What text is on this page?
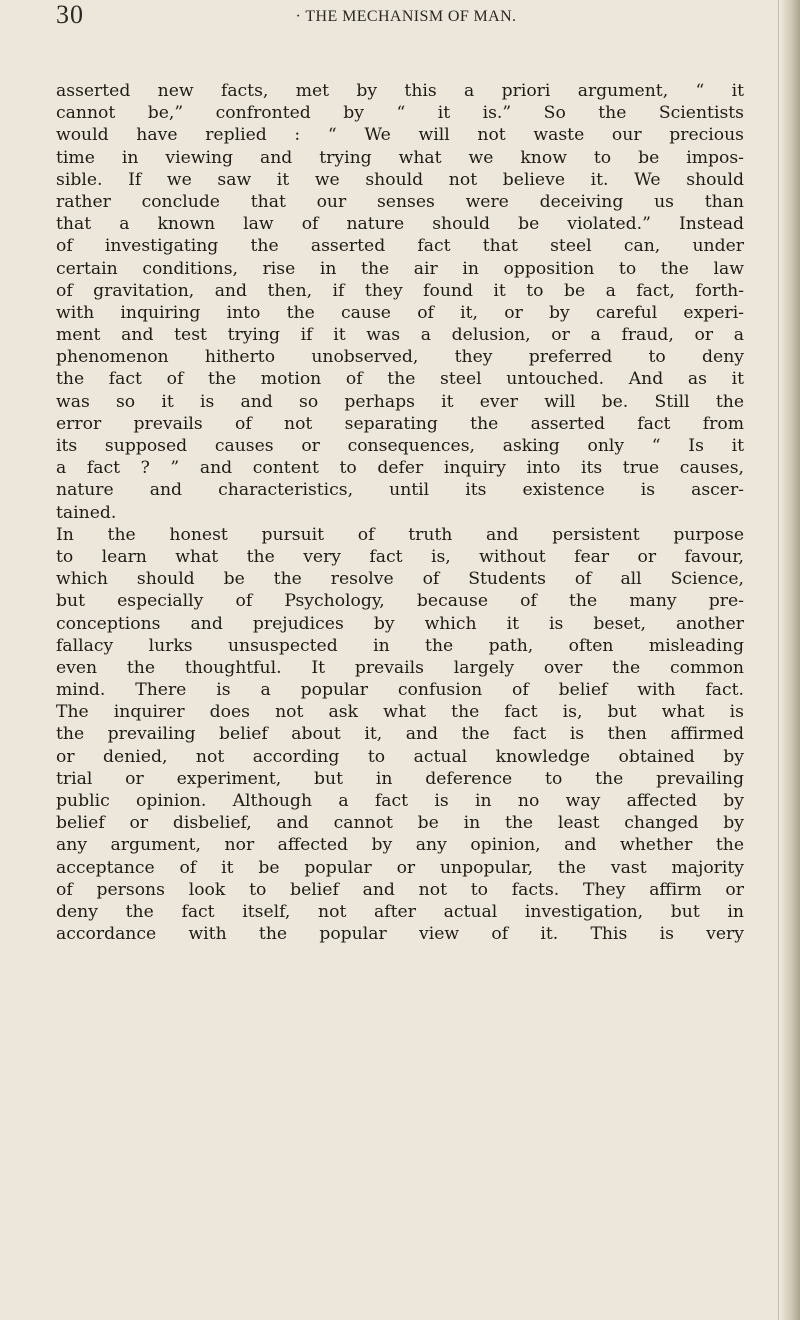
30	· THE MECHANISM OF MAN.
asserted new facts, met by this a priori argument, “ it
cannot be,” confronted by “ it is.” So the Scientists
would have replied : “ We will not waste our precious
time in viewing and trying what we know to be impos-
sible. If we saw it we should not believe it. We should
rather conclude that our senses were deceiving us than
that a known law of nature should be violated.” Instead
of investigating the asserted fact that steel can, under
certain conditions, rise in the air in opposition to the law
of gravitation, and then, if they found it to be a fact, forth-
with inquiring into the cause of it, or by careful experi-
ment and test trying if it was a delusion, or a fraud, or a
phenomenon hitherto unobserved, they preferred to deny
the fact of the motion of the steel untouched. And as it
was so it is and so perhaps it ever will be. Still the
error prevails of not separating the asserted fact from
its supposed causes or consequences, asking only “ Is it
a fact ? ” and content to defer inquiry into its true causes,
nature and characteristics, until its existence is ascer-
tained.
In the honest pursuit of truth and persistent purpose
to learn what the very fact is, without fear or favour,
which should be the resolve of Students of all Science,
but especially of Psychology, because of the many pre-
conceptions and prejudices by which it is beset, another
fallacy lurks unsuspected in the path, often misleading
even the thoughtful. It prevails largely over the common
mind. There is a popular confusion of belief with fact.
The inquirer does not ask what the fact is, but what is
the prevailing belief about it, and the fact is then affirmed
or denied, not according to actual knowledge obtained by
trial or experiment, but in deference to the prevailing
public opinion. Although a fact is in no way affected by
belief or disbelief, and cannot be in the least changed by
any argument, nor affected by any opinion, and whether the
acceptance of it be popular or unpopular, the vast majority
of persons look to belief and not to facts. They affirm or
deny the fact itself, not after actual investigation, but in
accordance with the popular view of it. This is very
